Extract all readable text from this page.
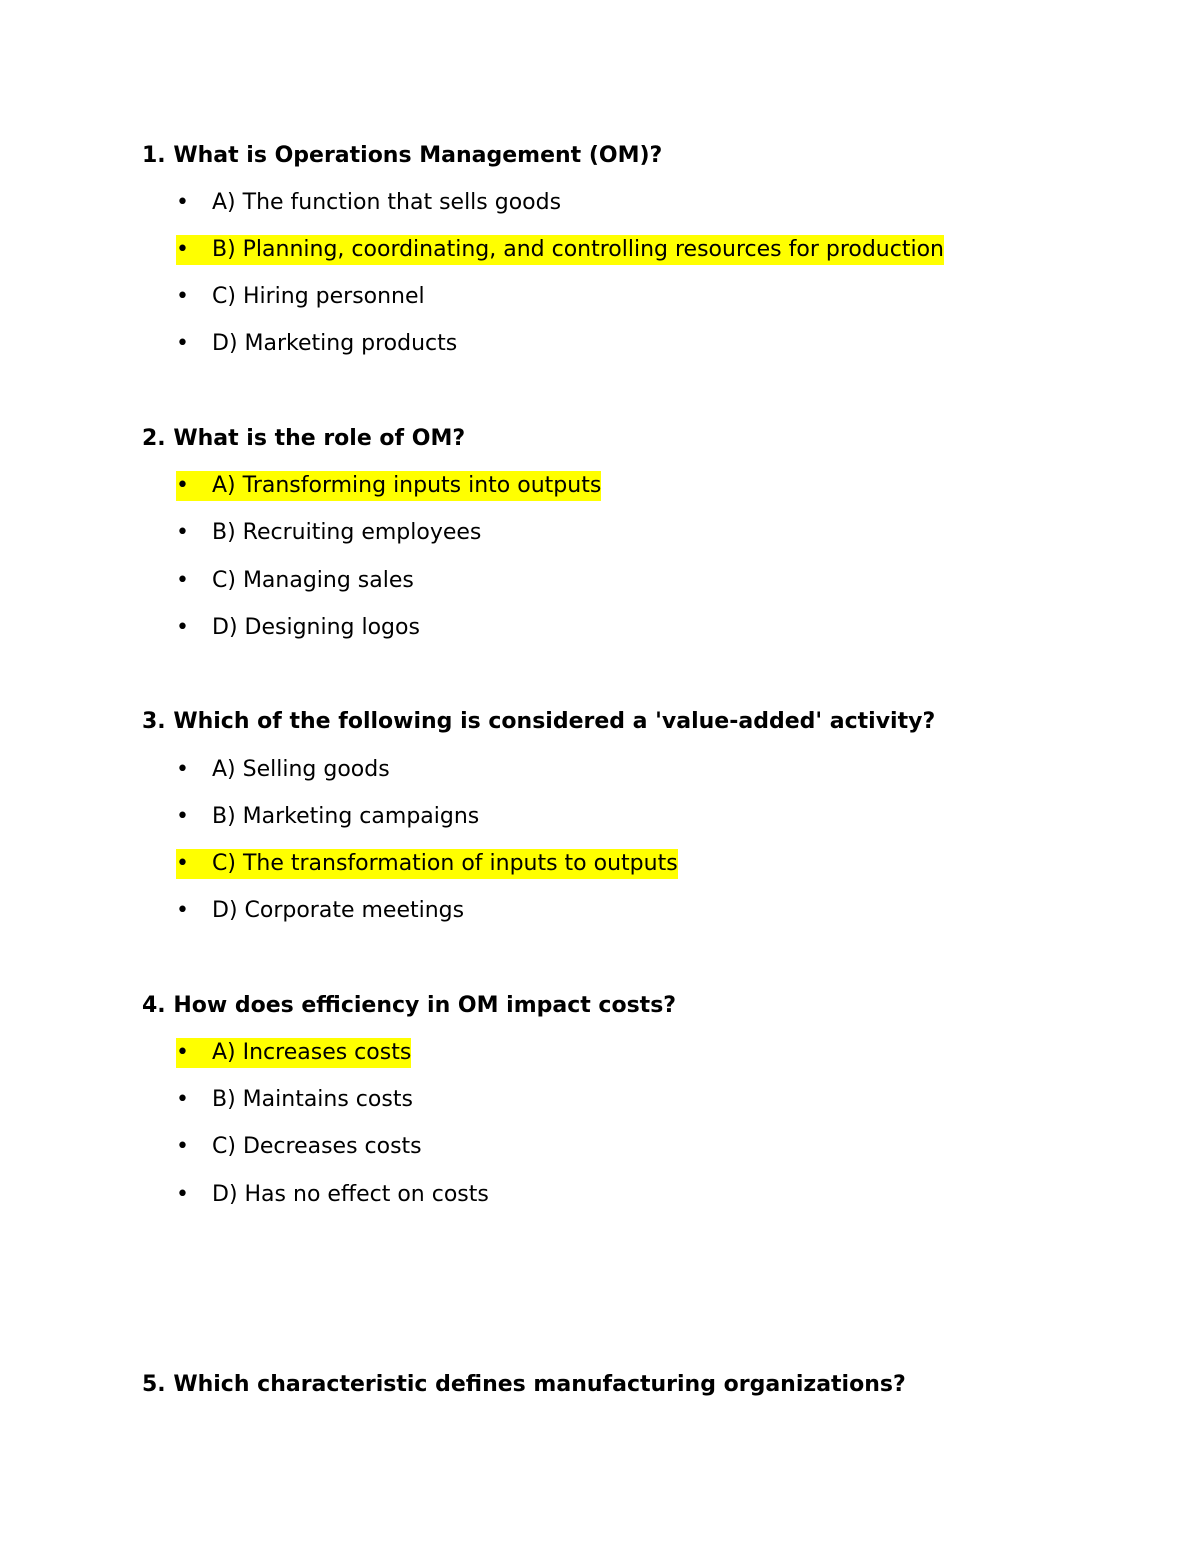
1. What is Operations Management (OM)?

• A) The function that sells goods

• B) Planning, coordinating, and controlling resources for production

• C) Hiring personnel

• D) Marketing products

2. What is the role of OM?

• A) Transforming inputs into outputs

• B) Recruiting employees

• C) Managing sales

• D) Designing logos

3. Which of the following is considered a 'value-added' activity?

• A) Selling goods

• B) Marketing campaigns

• C) The transformation of inputs to outputs

• D) Corporate meetings

4. How does efficiency in OM impact costs?

• A) Increases costs

• B) Maintains costs

• C) Decreases costs

• D) Has no effect on costs

5. Which characteristic defines manufacturing organizations?
